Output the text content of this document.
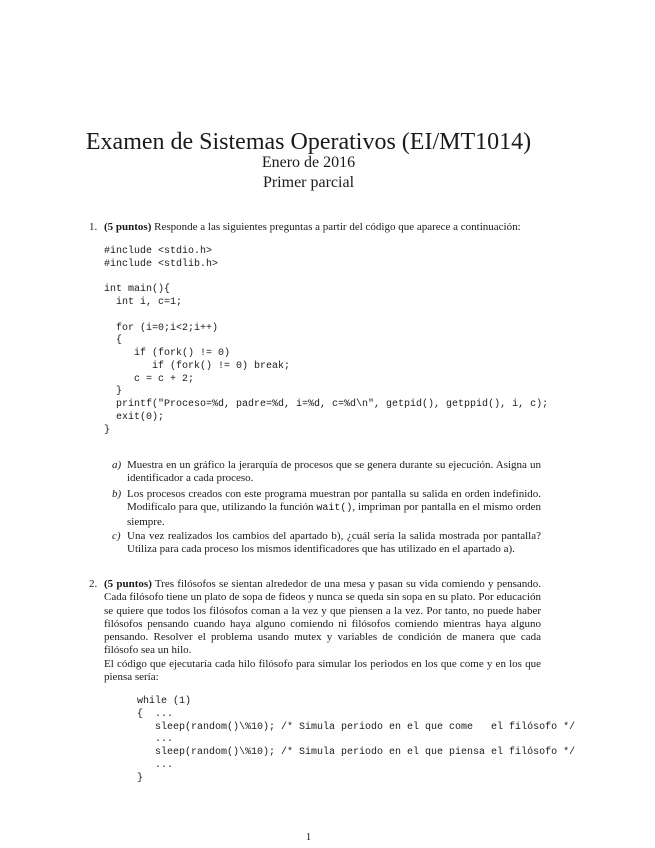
Examen de Sistemas Operativos (EI/MT1014)
Enero de 2016
Primer parcial
1. (5 puntos) Responde a las siguientes preguntas a partir del código que aparece a continuación:
#include <stdio.h>
#include <stdlib.h>

int main(){
int i, c=1;

for (i=0;i<2;i++)
{
if (fork() != 0)
if (fork() != 0) break;
c = c + 2;
}
printf("Proceso=%d, padre=%d, i=%d, c=%d\n", getpid(), getppid(), i, c);
exit(0);
}
a) Muestra en un gráfico la jerarquía de procesos que se genera durante su ejecución. Asigna un identificador a cada proceso.
b) Los procesos creados con este programa muestran por pantalla su salida en orden indefinido. Modifícalo para que, utilizando la función wait(), impriman por pantalla en el mismo orden siempre.
c) Una vez realizados los cambios del apartado b), ¿cuál sería la salida mostrada por pantalla? Utiliza para cada proceso los mismos identificadores que has utilizado en el apartado a).
2. (5 puntos) Tres filósofos se sientan alrededor de una mesa y pasan su vida comiendo y pensando. Cada filósofo tiene un plato de sopa de fideos y nunca se queda sin sopa en su plato. Por educación se quiere que todos los filósofos coman a la vez y que piensen a la vez. Por tanto, no puede haber filósofos pensando cuando haya alguno comiendo ni filósofos comiendo mientras haya alguno pensando. Resolver el problema usando mutex y variables de condición de manera que cada filósofo sea un hilo.
El código que ejecutaría cada hilo filósofo para simular los periodos en los que come y en los que piensa sería:
while (1)
{  ...
sleep(random()\%10); /* Simula periodo en el que come   el filósofo */
...
sleep(random()\%10); /* Simula periodo en el que piensa el filósofo */
...
}
1
